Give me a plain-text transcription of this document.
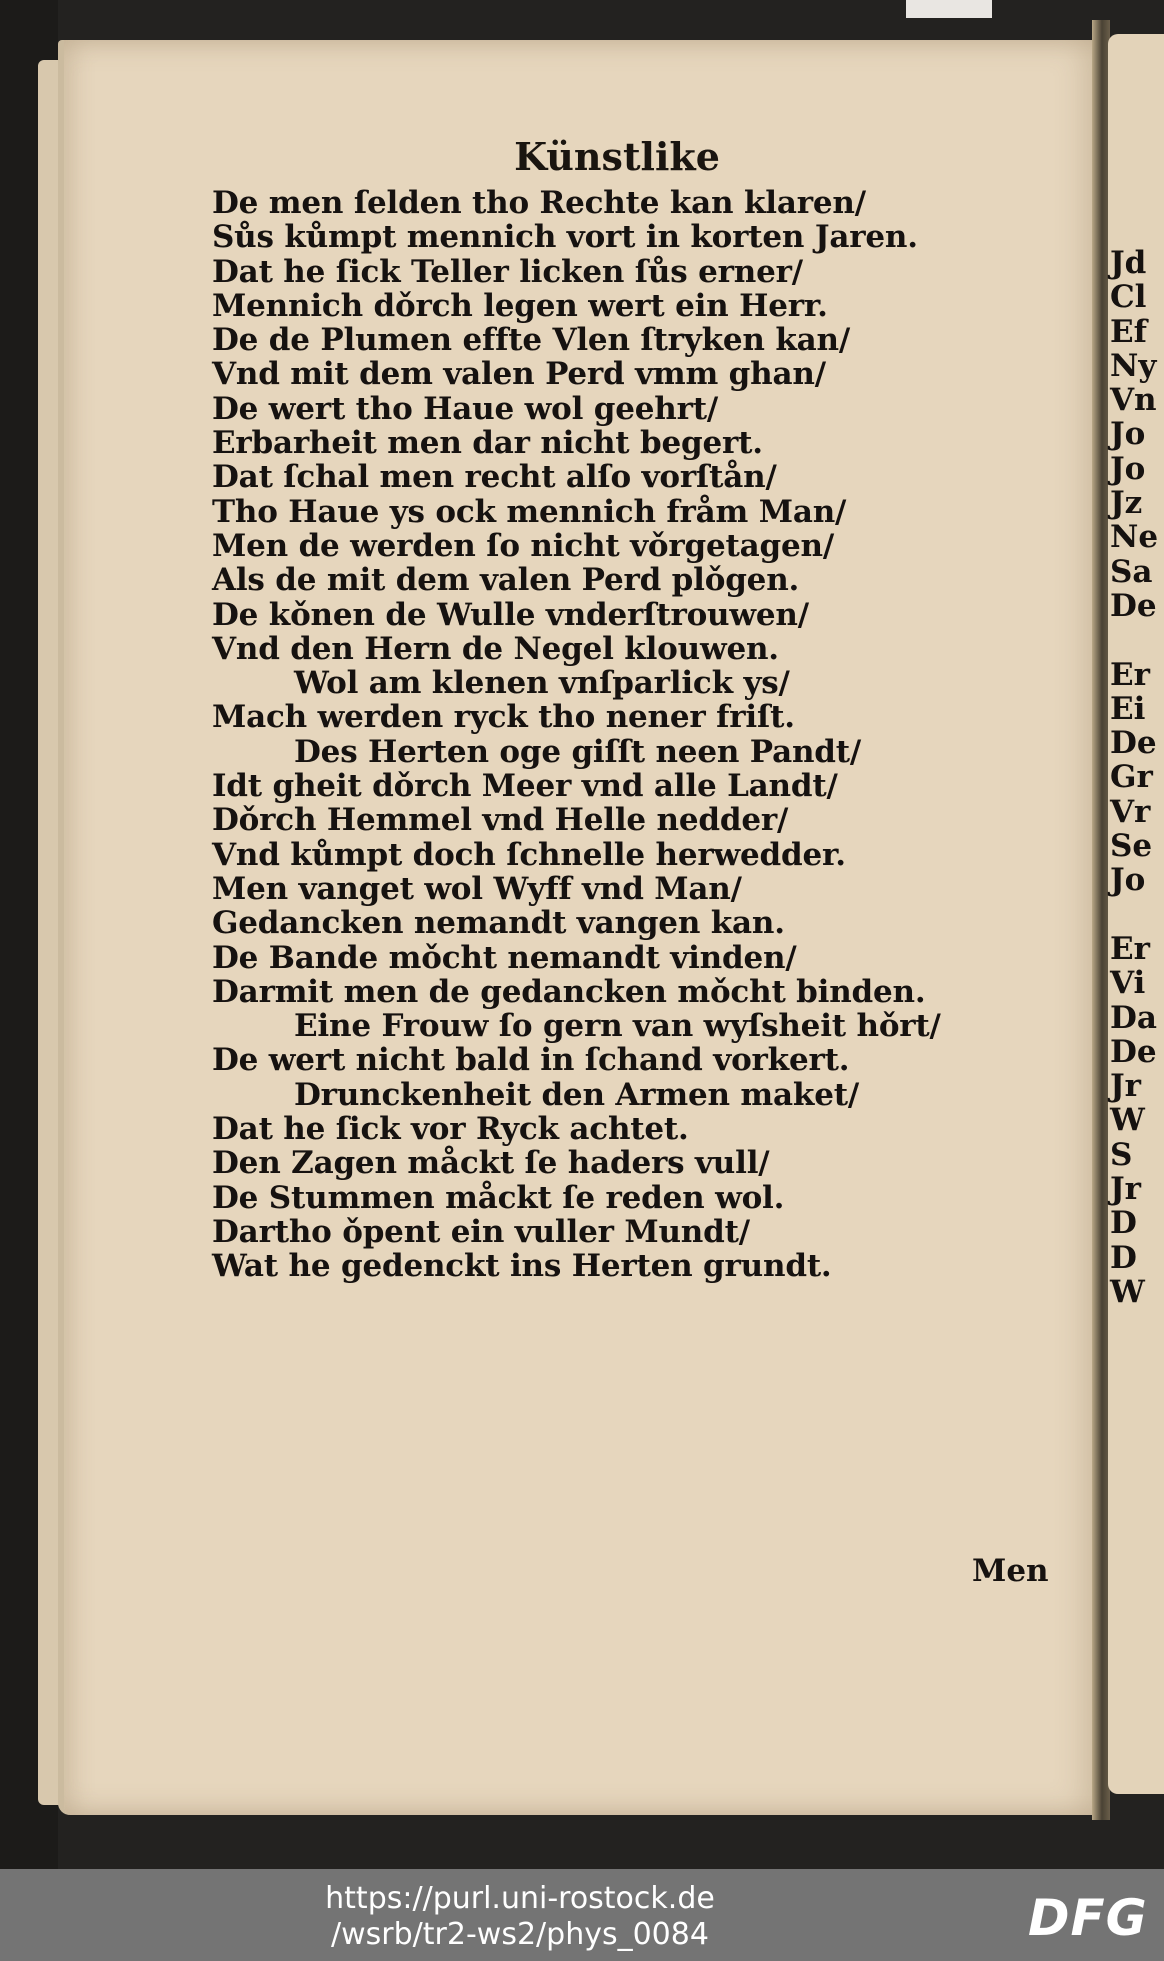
Künstlike
De men ſelden tho Rechte kan klaren/
Sůs kůmpt mennich vort in korten Jaren.
Dat he ſick Teller licken ſůs erner/
Mennich dǒrch legen wert ein Herr.
De de Plumen effte Vlen ſtryken kan/
Vnd mit dem valen Perd vmm ghan/
De wert tho Haue wol geehrt/
Erbarheit men dar nicht begert.
Dat ſchal men recht alſo vorſtån/
Tho Haue ys ock mennich fråm Man/
Men de werden ſo nicht vǒrgetagen/
Als de mit dem valen Perd plǒgen.
De kǒnen de Wulle vnderſtrouwen/
Vnd den Hern de Negel klouwen.
Wol am klenen vnſparlick ys/
Mach werden ryck tho nener friſt.
Des Herten oge giſſt neen Pandt/
Idt gheit dǒrch Meer vnd alle Landt/
Dǒrch Hemmel vnd Helle nedder/
Vnd kůmpt doch ſchnelle herwedder.
Men vanget wol Wyff vnd Man/
Gedancken nemandt vangen kan.
De Bande mǒcht nemandt vinden/
Darmit men de gedancken mǒcht binden.
Eine Frouw ſo gern van wyſsheit hǒrt/
De wert nicht bald in ſchand vorkert.
Drunckenheit den Armen maket/
Dat he ſick vor Ryck achtet.
Den Zagen måckt ſe haders vull/
De Stummen måckt ſe reden wol.
Dartho ǒpent ein vuller Mundt/
Wat he gedenckt ins Herten grundt.
Men
Jd
Cl
Ef
Ny
Vn
Jo
Jo
Jz
Ne
Sa
De
Er
Ei
De
Gr
Vr
Se
Jo
Er
Vi
Da
De
Jr
W
S
Jr
D
D
W
https://purl.uni-rostock.de
/wsrb/tr2-ws2/phys_0084	DFG
